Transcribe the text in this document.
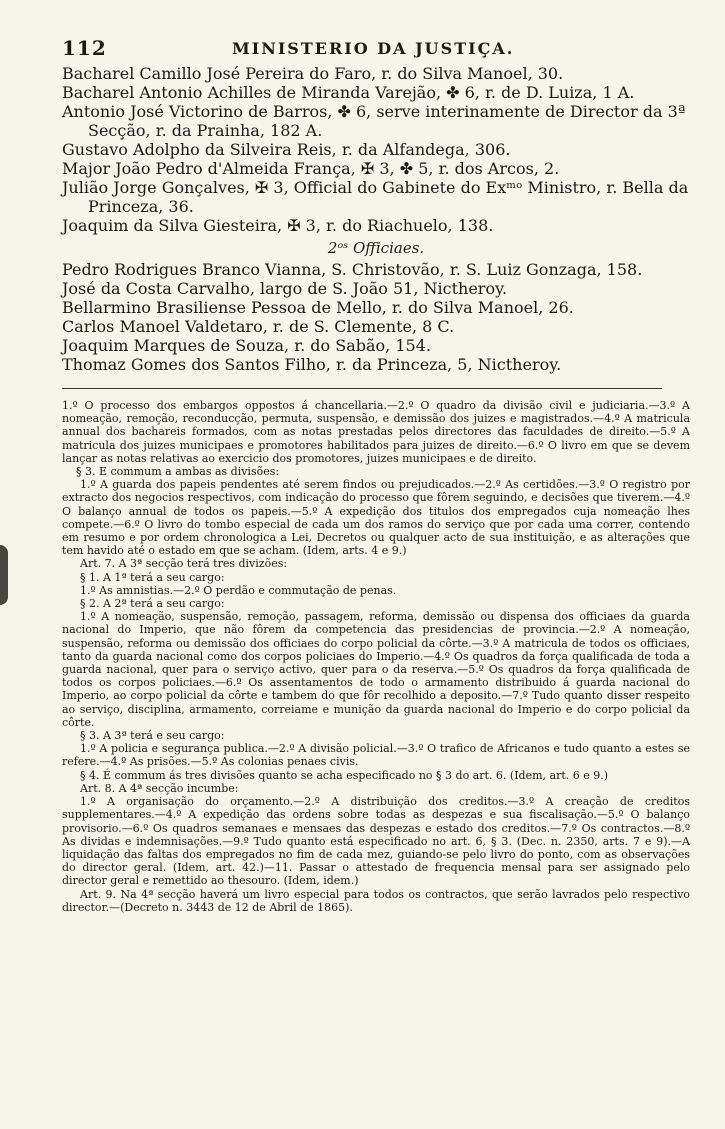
112	MINISTERIO DA JUSTIÇA.
Bacharel Camillo José Pereira do Faro, r. do Silva Manoel, 30.
Bacharel Antonio Achilles de Miranda Varejão, ✤ 6, r. de D. Luiza, 1 A.
Antonio José Victorino de Barros, ✤ 6, serve interinamente de Director da 3ª Secção, r. da Prainha, 182 A.
Gustavo Adolpho da Silveira Reis, r. da Alfandega, 306.
Major João Pedro d'Almeida França, ✠ 3, ✤ 5, r. dos Arcos, 2.
Julião Jorge Gonçalves, ✠ 3, Official do Gabinete do Exᵐᵒ Ministro, r. Bella da Princeza, 36.
Joaquim da Silva Giesteira, ✠ 3, r. do Riachuelo, 138.
2ᵒˢ Officiaes.
Pedro Rodrigues Branco Vianna, S. Christovão, r. S. Luiz Gonzaga, 158.
José da Costa Carvalho, largo de S. João 51, Nictheroy.
Bellarmino Brasiliense Pessoa de Mello, r. do Silva Manoel, 26.
Carlos Manoel Valdetaro, r. de S. Clemente, 8 C.
Joaquim Marques de Souza, r. do Sabão, 154.
Thomaz Gomes dos Santos Filho, r. da Princeza, 5, Nictheroy.

1.º O processo dos embargos oppostos á chancellaria.—2.º O quadro da divisão civil e judiciaria.—3.º A nomeação, remoção, reconducção, permuta, suspensão, e demissão dos juizes e magistrados.—4.º A matricula annual dos bachareis formados, com as notas prestadas pelos directores das faculdades de direito.—5.º A matricula dos juizes municipaes e promotores habilitados para juizes de direito.—6.º O livro em que se devem lançar as notas relativas ao exercicio dos promotores, juizes municipaes e de direito.

§ 3. E commum a ambas as divisões:

1.º A guarda dos papeis pendentes até serem findos ou prejudicados.—2.º As certidões.—3.º O registro por extracto dos negocios respectivos, com indicação do processo que fôrem seguindo, e decisões que tiverem.—4.º O balanço annual de todos os papeis.—5.º A expedição dos titulos dos empregados cuja nomeação lhes compete.—6.º O livro do tombo especial de cada um dos ramos do serviço que por cada uma correr, contendo em resumo e por ordem chronologica a Lei, Decretos ou qualquer acto de sua instituição, e as alterações que tem havido até o estado em que se acham. (Idem, arts. 4 e 9.)

Art. 7. A 3ª secção terá tres divizões:

§ 1. A 1ª terá a seu cargo:

1.º As amnistias.—2.º O perdão e commutação de penas.

§ 2. A 2ª terá a seu cargo:

1.º A nomeação, suspensão, remoção, passagem, reforma, demissão ou dispensa dos officiaes da guarda nacional do Imperio, que não fôrem da competencia das presidencias de provincia.—2.º A nomeação, suspensão, reforma ou demissão dos officiaes do corpo policial da côrte.—3.º A matricula de todos os officiaes, tanto da guarda nacional como dos corpos policiaes do Imperio.—4.º Os quadros da força qualificada de toda a guarda nacional, quer para o serviço activo, quer para o da reserva.—5.º Os quadros da força qualificada de todos os corpos policiaes.—6.º Os assentamentos de todo o armamento distribuido á guarda nacional do Imperio, ao corpo policial da côrte e tambem do que fôr recolhido a deposito.—7.º Tudo quanto disser respeito ao serviço, disciplina, armamento, correiame e munição da guarda nacional do Imperio e do corpo policial da côrte.

§ 3. A 3ª terá e seu cargo:

1.º A policia e segurança publica.—2.º A divisão policial.—3.º O trafico de Africanos e tudo quanto a estes se refere.—4.º As prisões.—5.º As colonias penaes civis.

§ 4. É commum ás tres divisões quanto se acha especificado no § 3 do art. 6. (Idem, art. 6 e 9.)

Art. 8. A 4ª secção incumbe:

1.º A organisação do orçamento.—2.º A distribuição dos creditos.—3.º A creação de creditos supplementares.—4.º A expedição das ordens sobre todas as despezas e sua fiscalisação.—5.º O balanço provisorio.—6.º Os quadros semanaes e mensaes das despezas e estado dos creditos.—7.º Os contractos.—8.º As dividas e indemnisações.—9.º Tudo quanto está especificado no art. 6, § 3. (Dec. n. 2350, arts. 7 e 9).—A liquidação das faltas dos empregados no fim de cada mez, guiando-se pelo livro do ponto, com as observações do director geral. (Idem, art. 42.)—11. Passar o attestado de frequencia mensal para ser assignado pelo director geral e remettido ao thesouro. (Idem, idem.)

Art. 9. Na 4ª secção haverá um livro especial para todos os contractos, que serão lavrados pelo respectivo director.—(Decreto n. 3443 de 12 de Abril de 1865).
